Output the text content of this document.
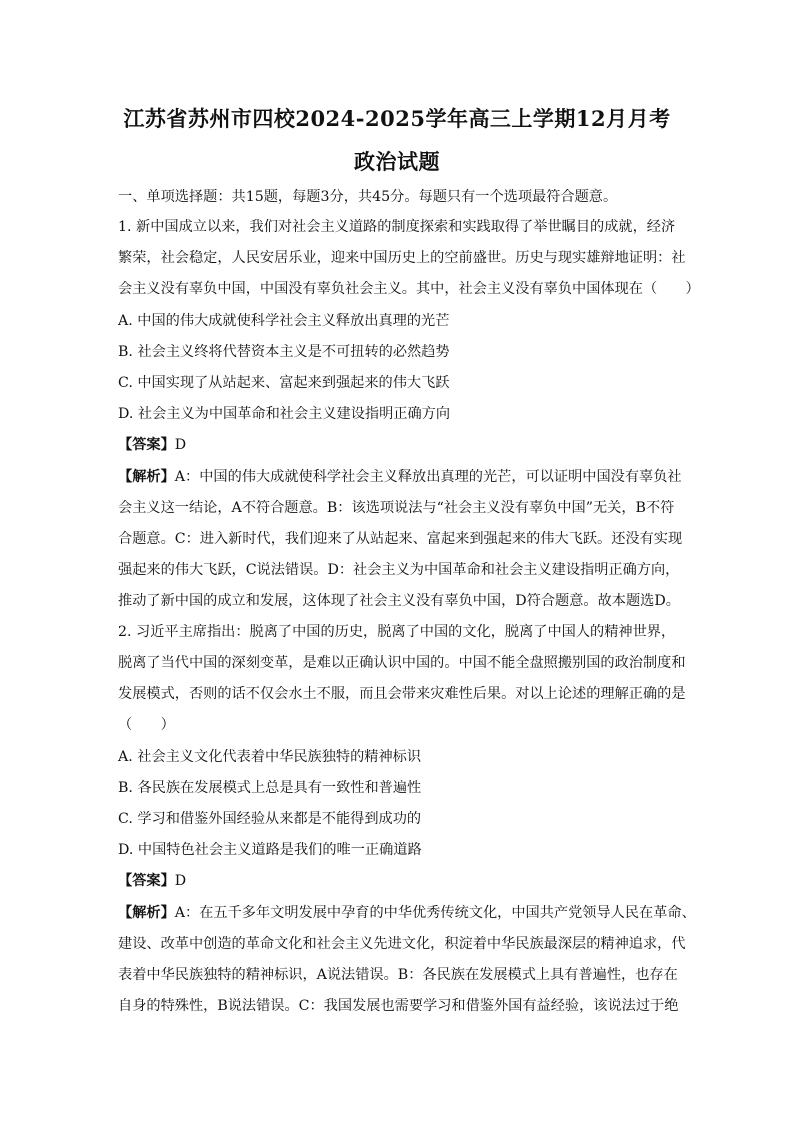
江苏省苏州市四校2024-2025学年高三上学期12月月考
政治试题
一、单项选择题：共15题，每题3分，共45分。每题只有一个选项最符合题意。
1. 新中国成立以来，我们对社会主义道路的制度探索和实践取得了举世瞩目的成就，经济
繁荣，社会稳定，人民安居乐业，迎来中国历史上的空前盛世。历史与现实雄辩地证明：社
会主义没有辜负中国，中国没有辜负社会主义。其中，社会主义没有辜负中国体现在（　　）
A. 中国的伟大成就使科学社会主义释放出真理的光芒
B. 社会主义终将代替资本主义是不可扭转的必然趋势
C. 中国实现了从站起来、富起来到强起来的伟大飞跃
D. 社会主义为中国革命和社会主义建设指明正确方向
【答案】D
【解析】A：中国的伟大成就使科学社会主义释放出真理的光芒，可以证明中国没有辜负社
会主义这一结论，A不符合题意。B：该选项说法与“社会主义没有辜负中国”无关，B不符
合题意。C：进入新时代，我们迎来了从站起来、富起来到强起来的伟大飞跃。还没有实现
强起来的伟大飞跃，C说法错误。D：社会主义为中国革命和社会主义建设指明正确方向，
推动了新中国的成立和发展，这体现了社会主义没有辜负中国，D符合题意。故本题选D。
2. 习近平主席指出：脱离了中国的历史，脱离了中国的文化，脱离了中国人的精神世界，
脱离了当代中国的深刻变革，是难以正确认识中国的。中国不能全盘照搬别国的政治制度和
发展模式，否则的话不仅会水土不服，而且会带来灾难性后果。对以上论述的理解正确的是
（　　）
A. 社会主义文化代表着中华民族独特的精神标识
B. 各民族在发展模式上总是具有一致性和普遍性
C. 学习和借鉴外国经验从来都是不能得到成功的
D. 中国特色社会主义道路是我们的唯一正确道路
【答案】D
【解析】A：在五千多年文明发展中孕育的中华优秀传统文化，中国共产党领导人民在革命、
建设、改革中创造的革命文化和社会主义先进文化，积淀着中华民族最深层的精神追求，代
表着中华民族独特的精神标识，A说法错误。B：各民族在发展模式上具有普遍性，也存在
自身的特殊性，B说法错误。C：我国发展也需要学习和借鉴外国有益经验，该说法过于绝
